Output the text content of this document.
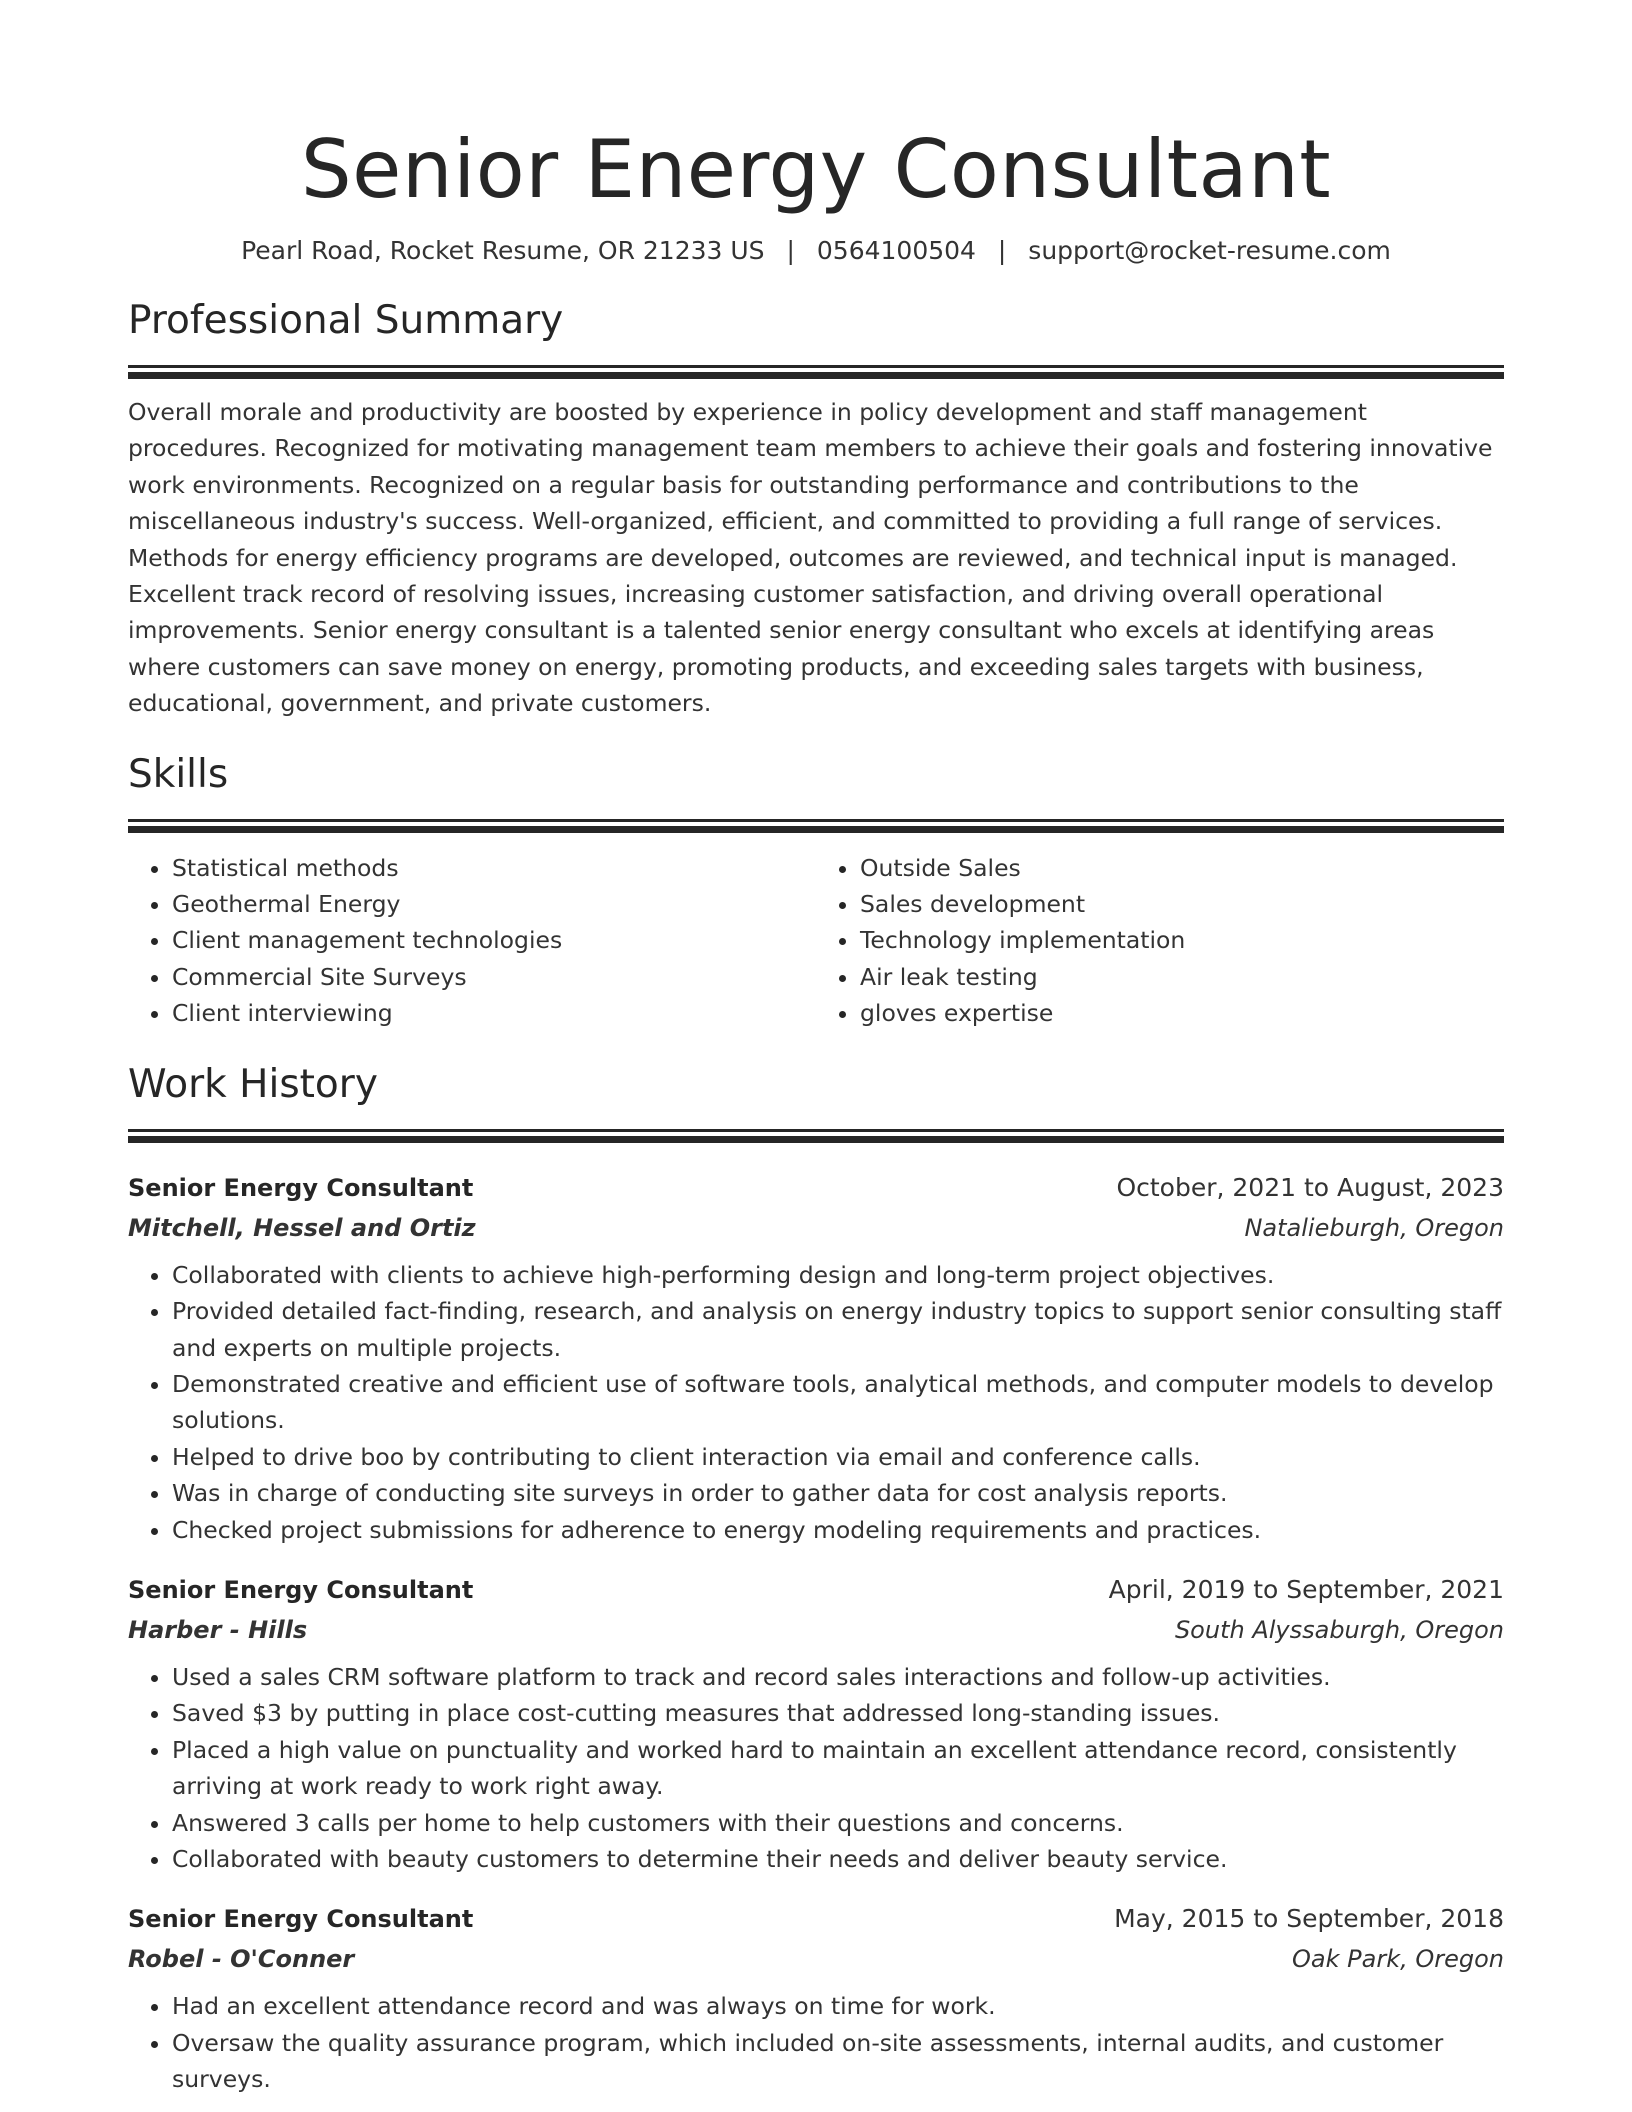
Senior Energy Consultant
Pearl Road, Rocket Resume, OR 21233 US | 0564100504 | support@rocket-resume.com
Professional Summary

Overall morale and productivity are boosted by experience in policy development and staff management procedures. Recognized for motivating management team members to achieve their goals and fostering innovative work environments. Recognized on a regular basis for outstanding performance and contributions to the miscellaneous industry's success. Well-organized, efficient, and committed to providing a full range of services. Methods for energy efficiency programs are developed, outcomes are reviewed, and technical input is managed. Excellent track record of resolving issues, increasing customer satisfaction, and driving overall operational improvements. Senior energy consultant is a talented senior energy consultant who excels at identifying areas where customers can save money on energy, promoting products, and exceeding sales targets with business, educational, government, and private customers.

Skills
• Statistical methods
• Geothermal Energy
• Client management technologies
• Commercial Site Surveys
• Client interviewing
• Outside Sales
• Sales development
• Technology implementation
• Air leak testing
• gloves expertise
Work History
Senior Energy Consultant	October, 2021 to August, 2023
Mitchell, Hessel and Ortiz	Natalieburgh, Oregon
• Collaborated with clients to achieve high-performing design and long-term project objectives.
• Provided detailed fact-finding, research, and analysis on energy industry topics to support senior consulting staff and experts on multiple projects.
• Demonstrated creative and efficient use of software tools, analytical methods, and computer models to develop solutions.
• Helped to drive boo by contributing to client interaction via email and conference calls.
• Was in charge of conducting site surveys in order to gather data for cost analysis reports.
• Checked project submissions for adherence to energy modeling requirements and practices.
Senior Energy Consultant	April, 2019 to September, 2021
Harber - Hills	South Alyssaburgh, Oregon
• Used a sales CRM software platform to track and record sales interactions and follow-up activities.
• Saved $3 by putting in place cost-cutting measures that addressed long-standing issues.
• Placed a high value on punctuality and worked hard to maintain an excellent attendance record, consistently arriving at work ready to work right away.
• Answered 3 calls per home to help customers with their questions and concerns.
• Collaborated with beauty customers to determine their needs and deliver beauty service.
Senior Energy Consultant	May, 2015 to September, 2018
Robel - O'Conner	Oak Park, Oregon
• Had an excellent attendance record and was always on time for work.
• Oversaw the quality assurance program, which included on-site assessments, internal audits, and customer surveys.
